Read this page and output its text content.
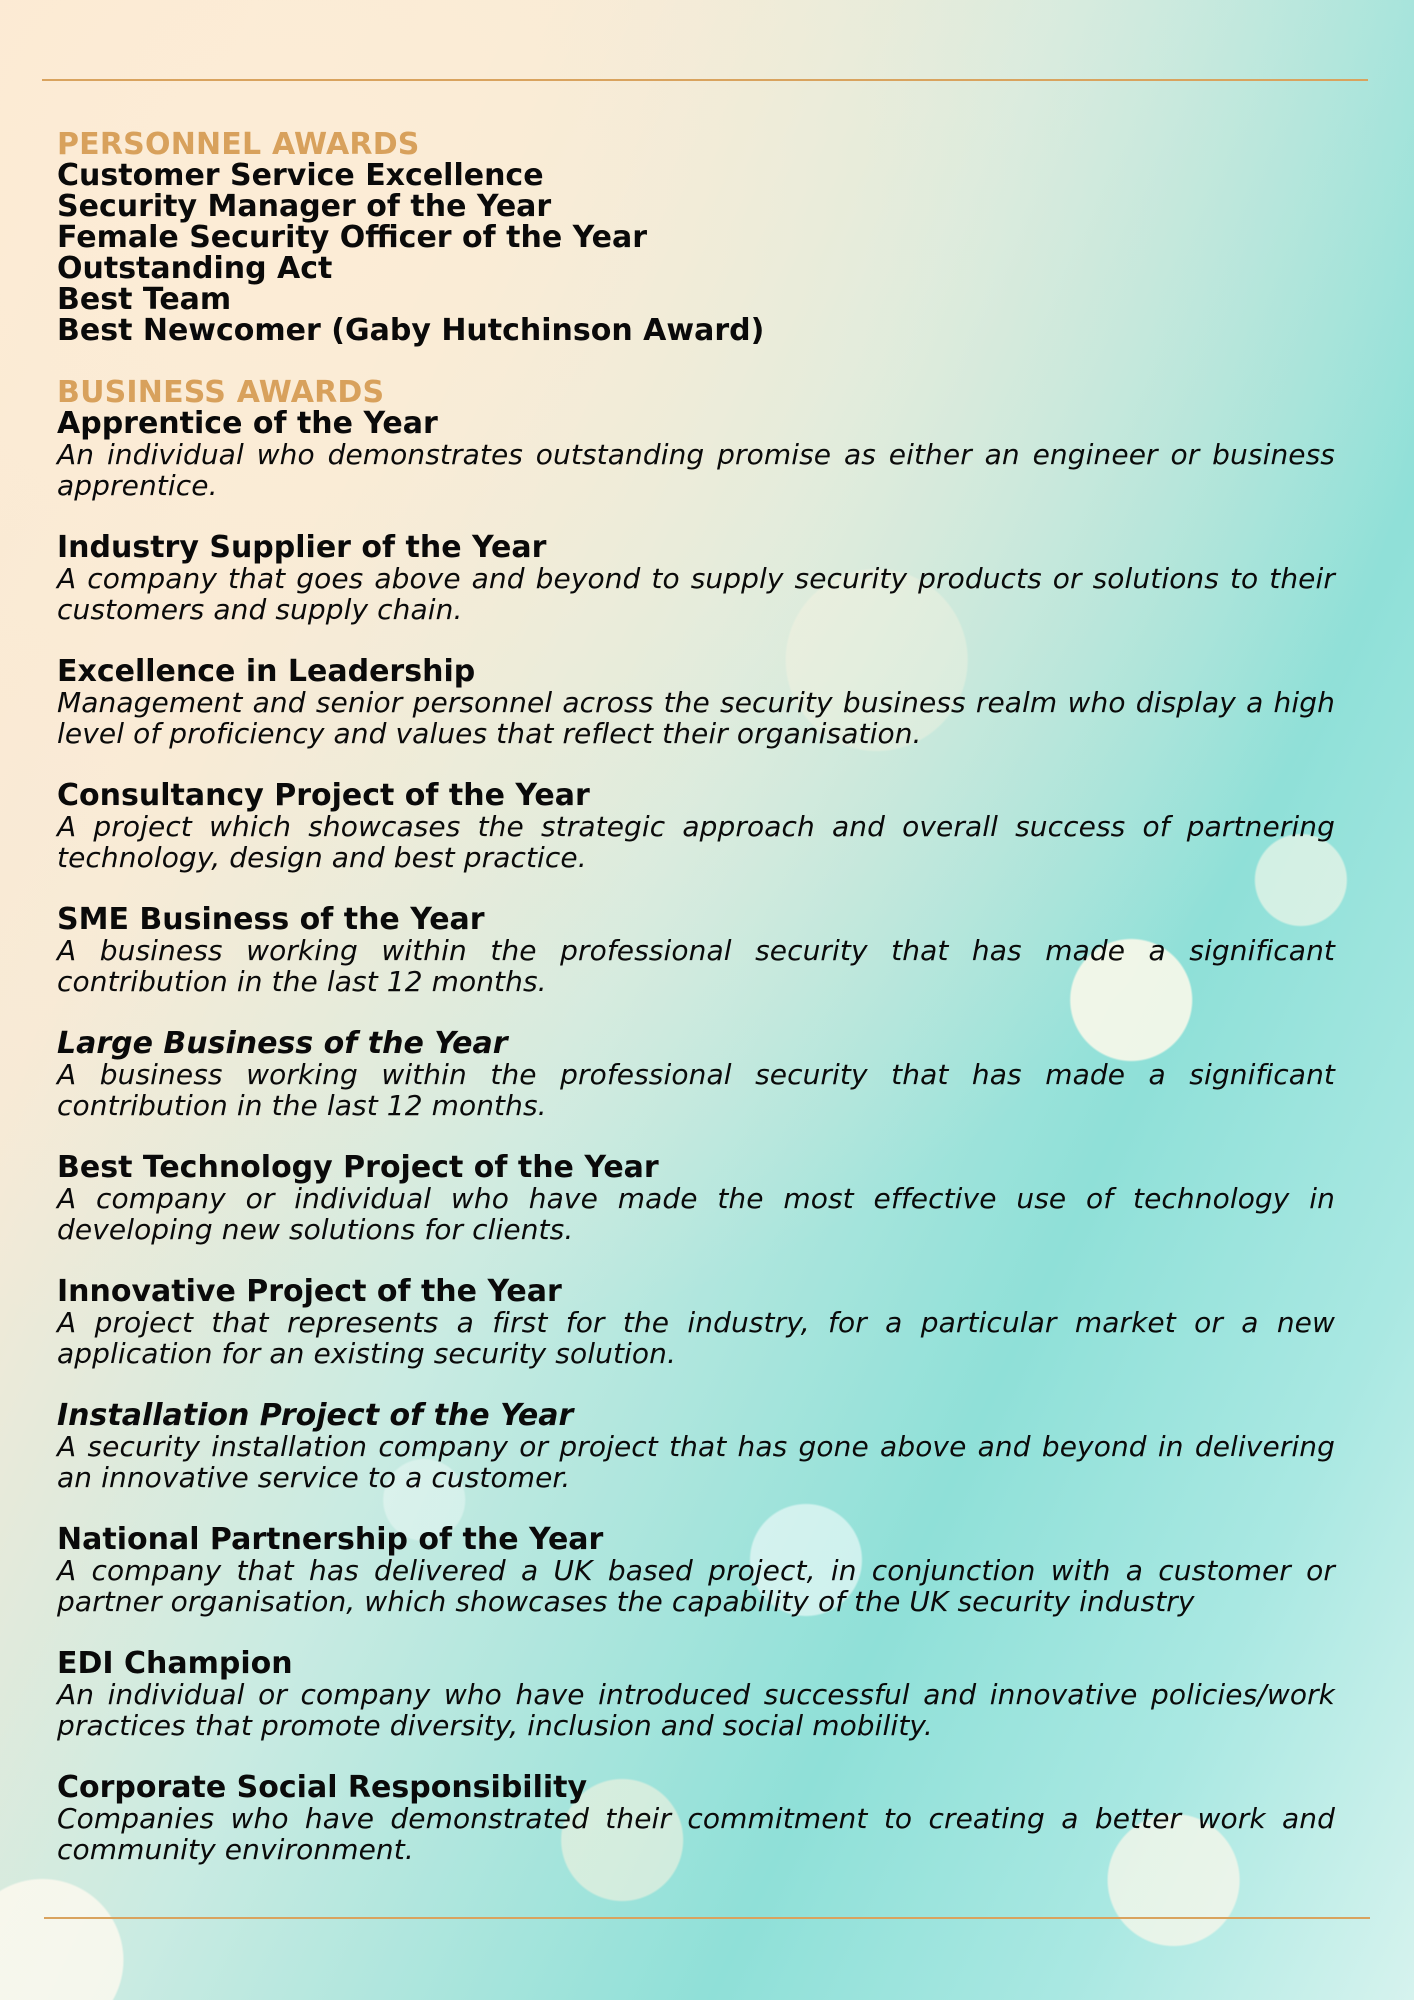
PERSONNEL AWARDS
Customer Service Excellence
Security Manager of the Year
Female Security Officer of the Year
Outstanding Act
Best Team
Best Newcomer (Gaby Hutchinson Award)
BUSINESS AWARDS

Apprentice of the Year

An individual who demonstrates outstanding promise as either an engineer or business apprentice.

Industry Supplier of the Year

A company that goes above and beyond to supply security products or solutions to their customers and supply chain.

Excellence in Leadership

Management and senior personnel across the security business realm who display a high level of proficiency and values that reflect their organisation.

Consultancy Project of the Year

A project which showcases the strategic approach and overall success of partnering technology, design and best practice.

SME Business of the Year

A business working within the professional security that has made a significant contribution in the last 12 months.

Large Business of the Year

A business working within the professional security that has made a significant contribution in the last 12 months.

Best Technology Project of the Year

A company or individual who have made the most effective use of technology in developing new solutions for clients.

Innovative Project of the Year

A project that represents a first for the industry, for a particular market or a new application for an existing security solution.

Installation Project of the Year

A security installation company or project that has gone above and beyond in delivering an innovative service to a customer.

National Partnership of the Year

A company that has delivered a UK based project, in conjunction with a customer or partner organisation, which showcases the capability of the UK security industry

EDI Champion

An individual or company who have introduced successful and innovative policies/work practices that promote diversity, inclusion and social mobility.

Corporate Social Responsibility

Companies who have demonstrated their commitment to creating a better work and community environment.
